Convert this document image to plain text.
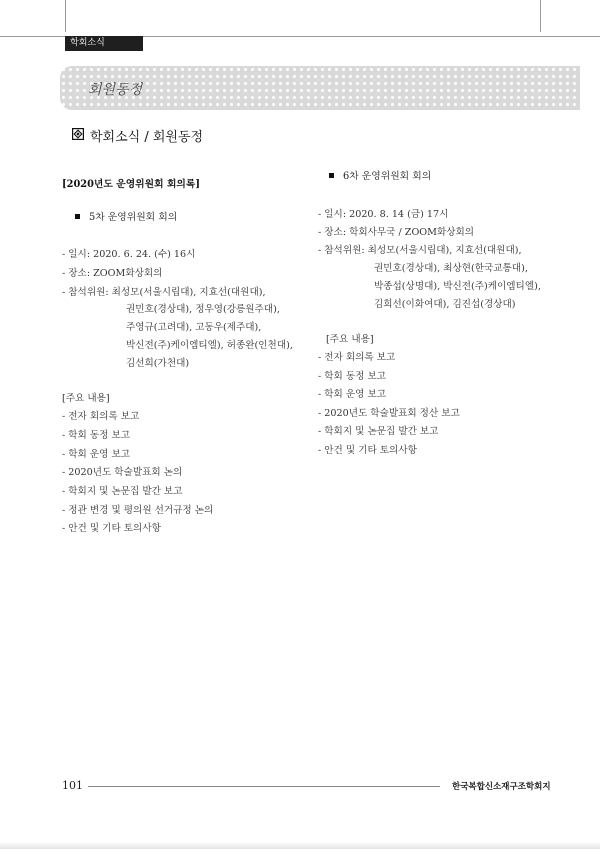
학회소식
회원동정
학회소식 / 회원동정
[2020년도 운영위원회 회의록]
5차 운영위원회 회의
- 일시: 2020. 6. 24. (수) 16시
- 장소: ZOOM화상회의
- 참석위원: 최성모(서울시립대), 지효선(대원대),
권민호(경상대), 정우영(강릉원주대),
주영규(고려대), 고동우(제주대),
박신전(주)케이엠티엘), 허종완(인천대),
김선희(가천대)
[주요 내용]
- 전자 회의록 보고
- 학회 동정 보고
- 학회 운영 보고
- 2020년도 학술발표회 논의
- 학회지 및 논문집 발간 보고
- 정관 변경 및 평의원 선거규정 논의
- 안건 및 기타 토의사항
6차 운영위원회 회의
- 일시: 2020. 8. 14 (금) 17시
- 장소: 학회사무국 / ZOOM화상회의
- 참석위원: 최성모(서울시립대), 지효선(대원대),
권민호(경상대), 최상현(한국교통대),
박종섭(상명대), 박신전(주)케이엠티엘),
김희선(이화여대), 김진섭(경상대)
[주요 내용]
- 전자 회의록 보고
- 학회 동정 보고
- 학회 운영 보고
- 2020년도 학술발표회 정산 보고
- 학회지 및 논문집 발간 보고
- 안건 및 기타 토의사항
101	한국복합신소재구조학회지
